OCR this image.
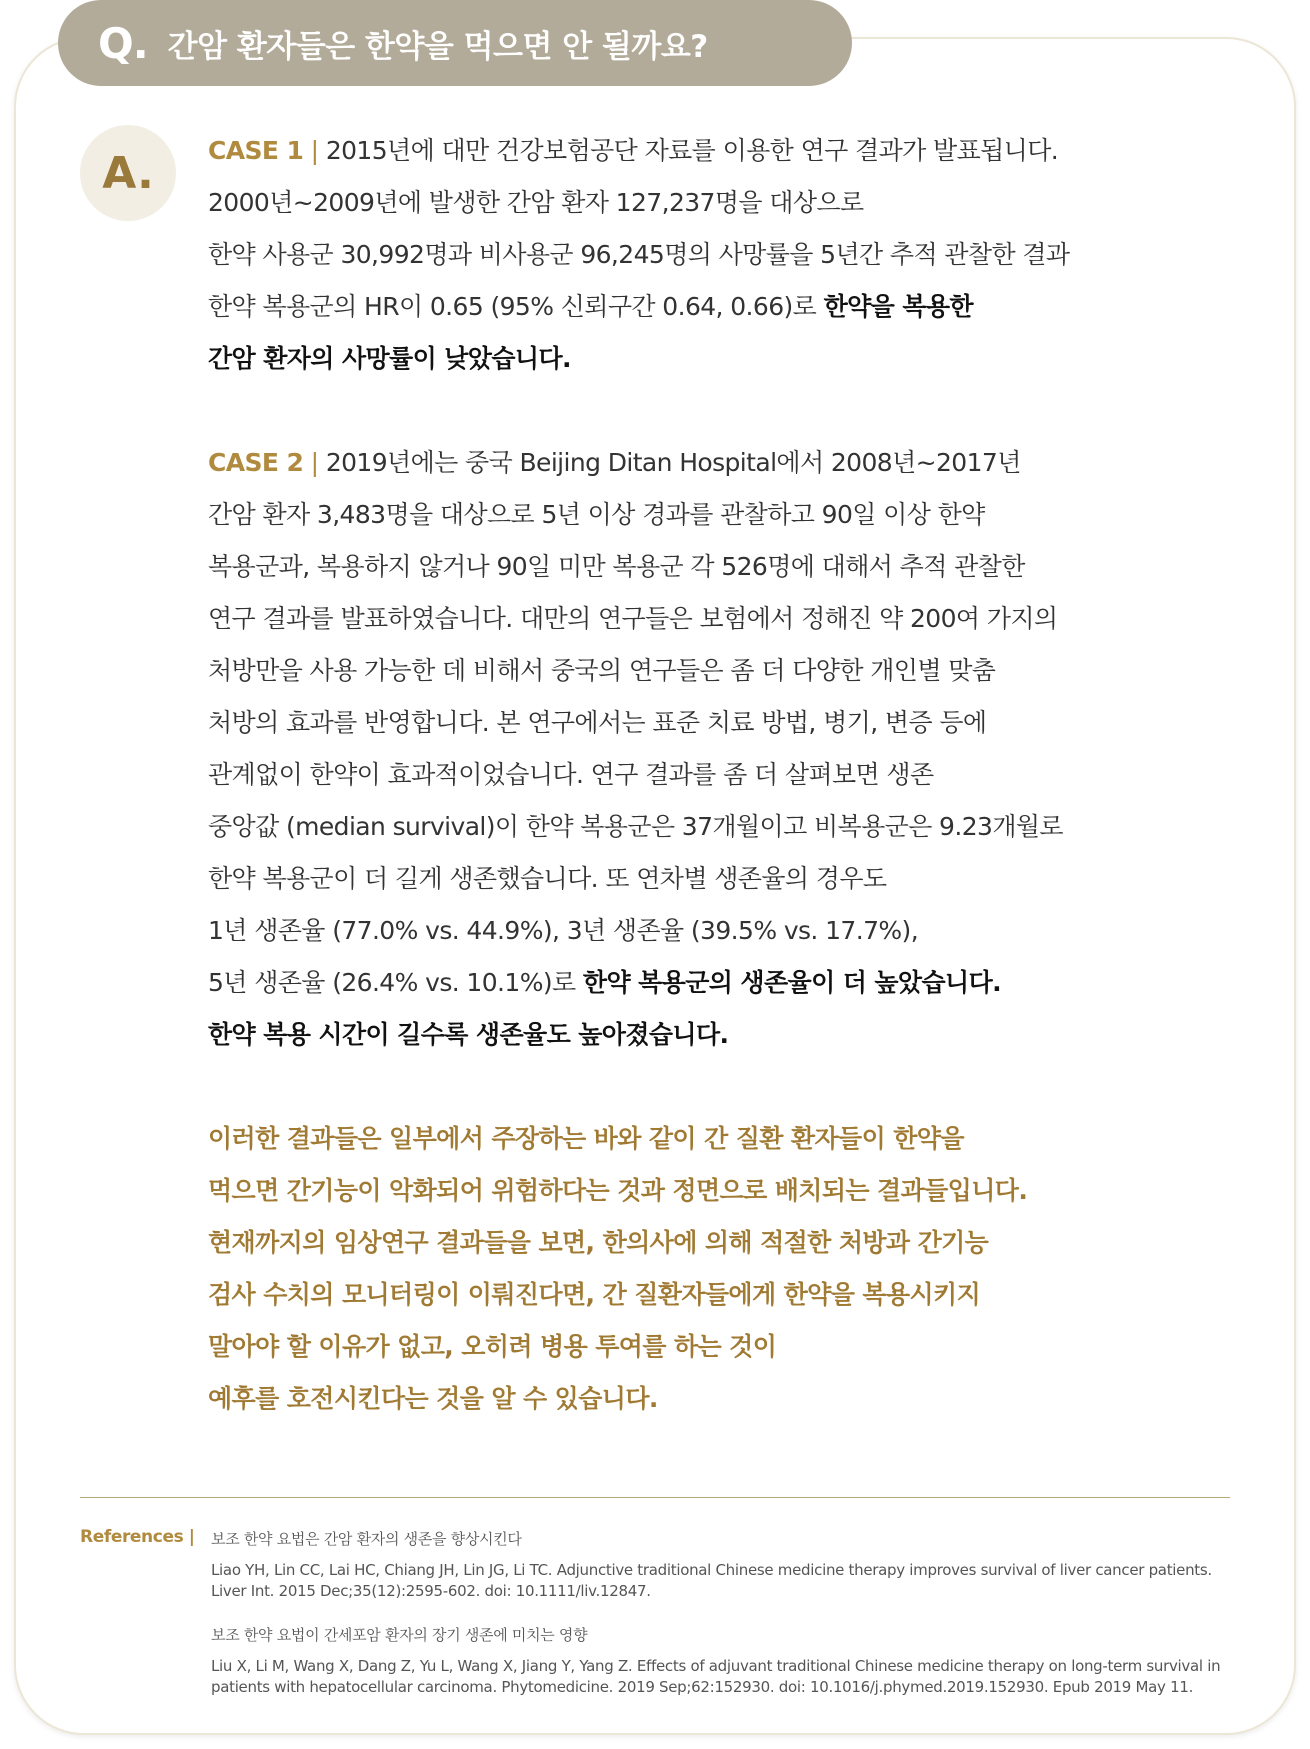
Q. 간암 환자들은 한약을 먹으면 안 될까요?
A.	CASE 1 | 2015년에 대만 건강보험공단 자료를 이용한 연구 결과가 발표됩니다.

2000년~2009년에 발생한 간암 환자 127,237명을 대상으로

한약 사용군 30,992명과 비사용군 96,245명의 사망률을 5년간 추적 관찰한 결과

한약 복용군의 HR이 0.65 (95% 신뢰구간 0.64, 0.66)로 한약을 복용한

간암 환자의 사망률이 낮았습니다.

CASE 2 | 2019년에는 중국 Beijing Ditan Hospital에서 2008년~2017년

간암 환자 3,483명을 대상으로 5년 이상 경과를 관찰하고 90일 이상 한약

복용군과, 복용하지 않거나 90일 미만 복용군 각 526명에 대해서 추적 관찰한

연구 결과를 발표하였습니다. 대만의 연구들은 보험에서 정해진 약 200여 가지의

처방만을 사용 가능한 데 비해서 중국의 연구들은 좀 더 다양한 개인별 맞춤

처방의 효과를 반영합니다. 본 연구에서는 표준 치료 방법, 병기, 변증 등에

관계없이 한약이 효과적이었습니다. 연구 결과를 좀 더 살펴보면 생존

중앙값 (median survival)이 한약 복용군은 37개월이고 비복용군은 9.23개월로

한약 복용군이 더 길게 생존했습니다. 또 연차별 생존율의 경우도

1년 생존율 (77.0% vs. 44.9%), 3년 생존율 (39.5% vs. 17.7%),

5년 생존율 (26.4% vs. 10.1%)로 한약 복용군의 생존율이 더 높았습니다.

한약 복용 시간이 길수록 생존율도 높아졌습니다.

이러한 결과들은 일부에서 주장하는 바와 같이 간 질환 환자들이 한약을

먹으면 간기능이 악화되어 위험하다는 것과 정면으로 배치되는 결과들입니다.

현재까지의 임상연구 결과들을 보면, 한의사에 의해 적절한 처방과 간기능

검사 수치의 모니터링이 이뤄진다면, 간 질환자들에게 한약을 복용시키지

말아야 할 이유가 없고, 오히려 병용 투여를 하는 것이

예후를 호전시킨다는 것을 알 수 있습니다.

References | 보조 한약 요법은 간암 환자의 생존을 향상시킨다
Liao YH, Lin CC, Lai HC, Chiang JH, Lin JG, Li TC. Adjunctive traditional Chinese medicine therapy improves survival of liver cancer patients. Liver Int. 2015 Dec;35(12):2595-602. doi: 10.1111/liv.12847.
보조 한약 요법이 간세포암 환자의 장기 생존에 미치는 영향
Liu X, Li M, Wang X, Dang Z, Yu L, Wang X, Jiang Y, Yang Z. Effects of adjuvant traditional Chinese medicine therapy on long-term survival in patients with hepatocellular carcinoma. Phytomedicine. 2019 Sep;62:152930. doi: 10.1016/j.phymed.2019.152930. Epub 2019 May 11.
